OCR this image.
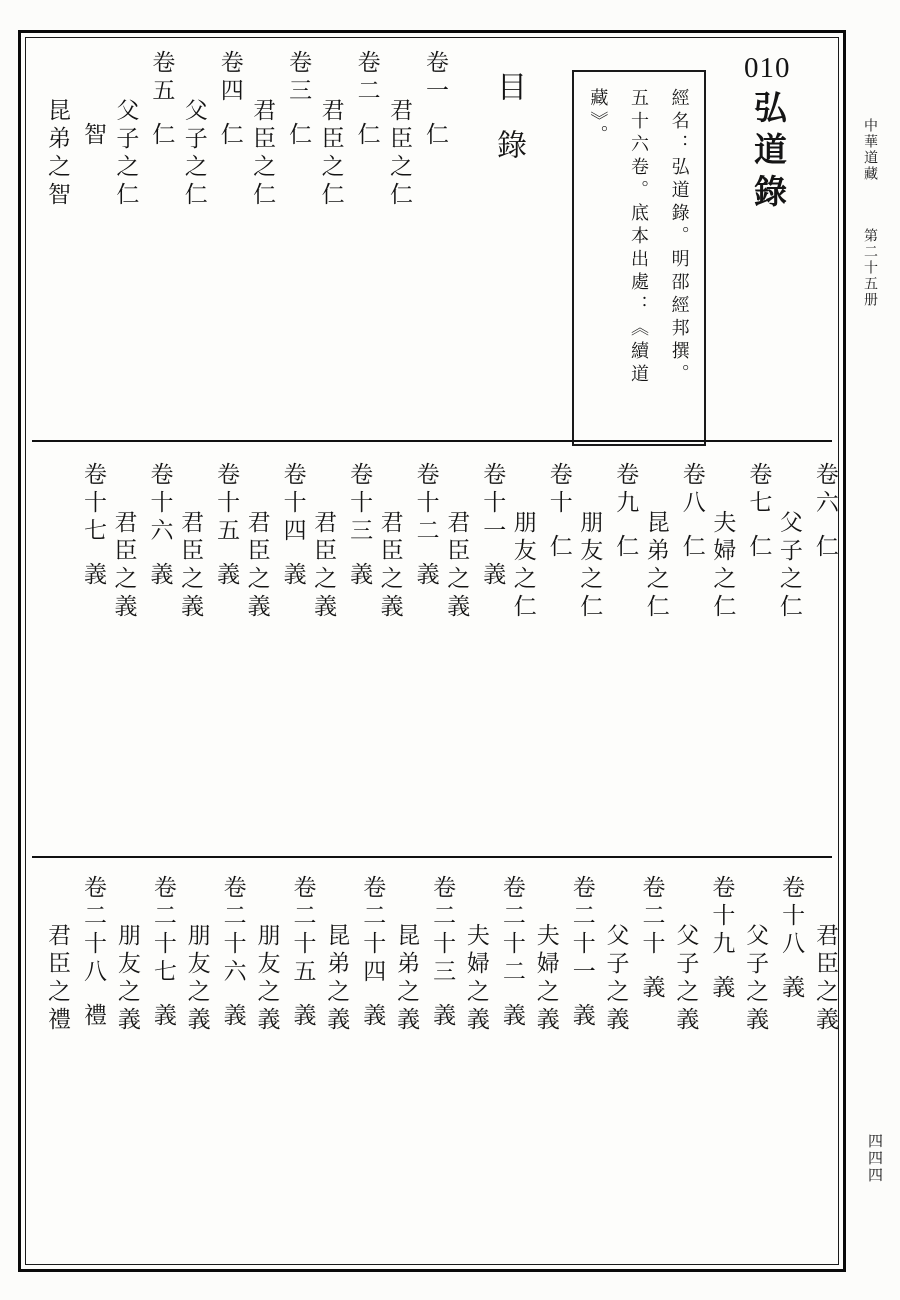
中華道藏第二十五册
四四四
010
弘道錄
經名：弘道錄。明邵經邦撰。
五十六卷。底本出處：《續道
藏》。
目錄
君臣之仁
卷一仁
君臣之仁
卷二仁
君臣之仁
卷三仁
父子之仁
卷四仁
父子之仁
卷五仁
昆弟之智 智
父子之仁
卷六仁
夫婦之仁
卷七仁
昆弟之仁
卷八仁
朋友之仁
卷九仁
朋友之仁
卷十仁
君臣之義
卷十一義
君臣之義
卷十二義
君臣之義
卷十三義
君臣之義
卷十四義
君臣之義
卷十五義
君臣之義
卷十六義
卷十七義
君臣之義
父子之義
卷十八義
父子之義
卷十九義
父子之義
卷二十義
夫婦之義 卷二十一義
夫婦之義 卷二十二義
昆弟之義 卷二十三義
昆弟之義 卷二十四義
朋友之義 卷二十五義
朋友之義 卷二十六義
朋友之義 卷二十七義
君臣之禮 卷二十八禮
